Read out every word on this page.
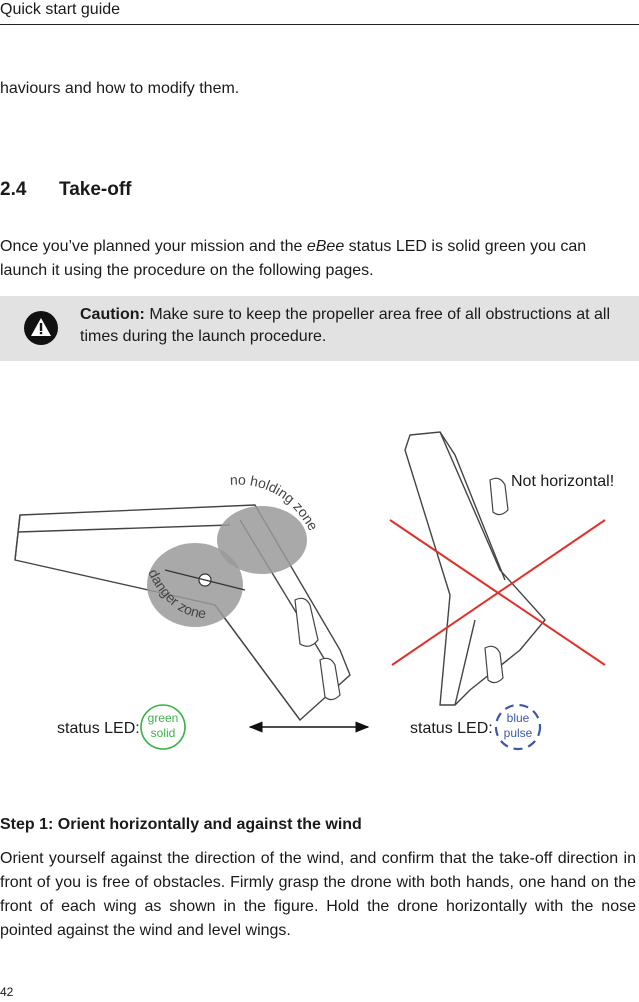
Quick start guide
haviours and how to modify them.
2.4 Take-off
Once you’ve planned your mission and the eBee status LED is solid green you can launch it using the procedure on the following pages.
Caution: Make sure to keep the propeller area free of all obstructions at all times during the launch procedure.
no holding zone
danger zone
Not horizontal!
status LED:
green
solid	status LED:
blue
pulse
Step 1: Orient horizontally and against the wind
Orient yourself against the direction of the wind, and confirm that the take-off direction in front of you is free of obstacles. Firmly grasp the drone with both hands, one hand on the front of each wing as shown in the figure. Hold the drone horizontally with the nose pointed against the wind and level wings.
42
